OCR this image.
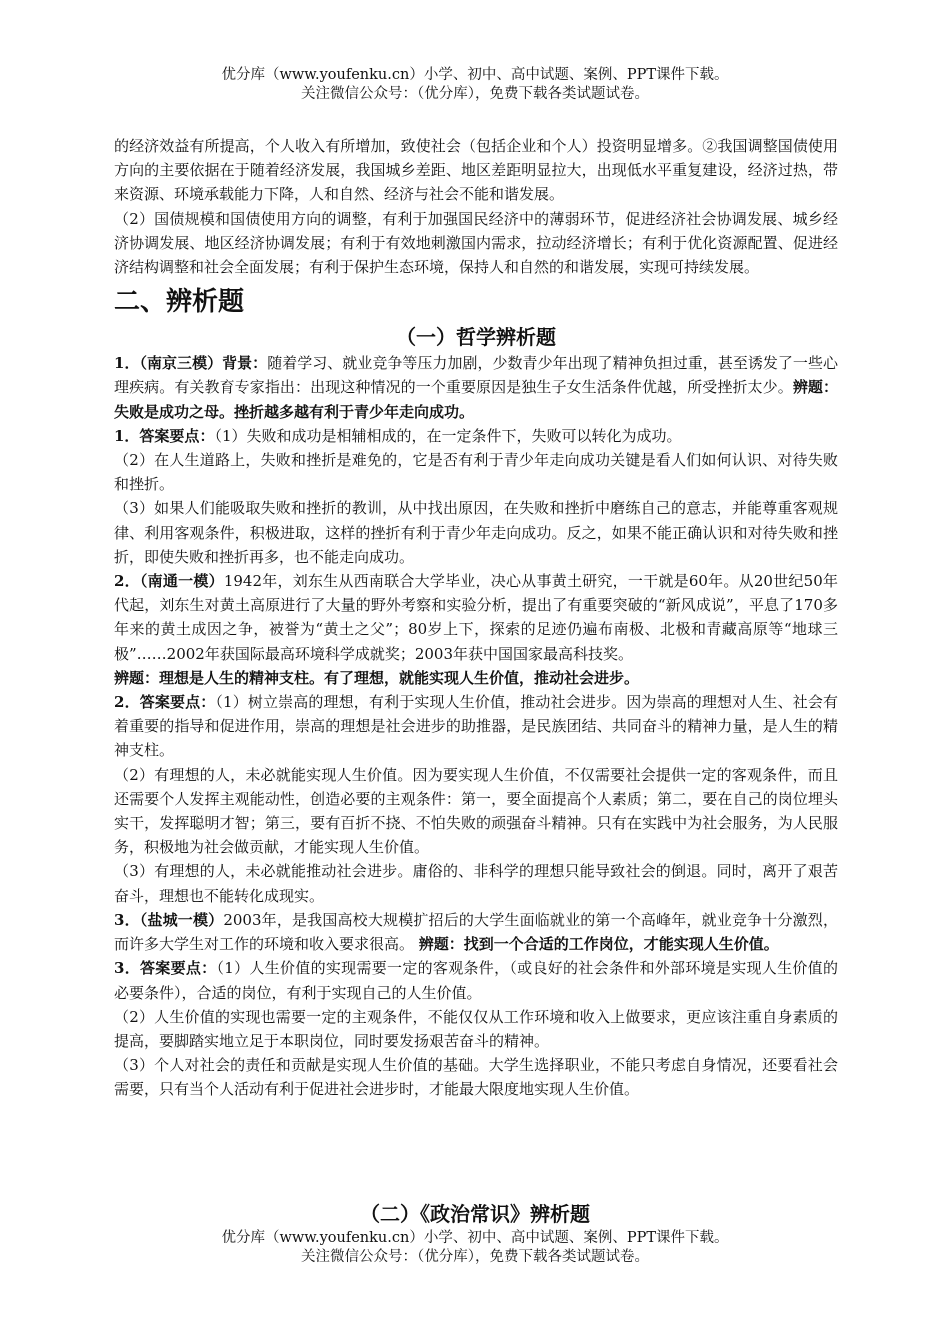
优分库（www.youfenku.cn）小学、初中、高中试题、案例、PPT课件下载。
关注微信公众号：（优分库），免费下载各类试题试卷。

的经济效益有所提高，个人收入有所增加，致使社会（包括企业和个人）投资明显增多。②我国调整国债使用方向的主要依据在于随着经济发展，我国城乡差距、地区差距明显拉大，出现低水平重复建设，经济过热，带来资源、环境承载能力下降，人和自然、经济与社会不能和谐发展。

（2）国债规模和国债使用方向的调整，有利于加强国民经济中的薄弱环节，促进经济社会协调发展、城乡经济协调发展、地区经济协调发展；有利于有效地刺激国内需求，拉动经济增长；有利于优化资源配置、促进经济结构调整和社会全面发展；有利于保护生态环境，保持人和自然的和谐发展，实现可持续发展。

二、辨析题

（一）哲学辨析题

1．（南京三模）背景：随着学习、就业竞争等压力加剧，少数青少年出现了精神负担过重，甚至诱发了一些心理疾病。有关教育专家指出：出现这种情况的一个重要原因是独生子女生活条件优越，所受挫折太少。辨题：失败是成功之母。挫折越多越有利于青少年走向成功。

1．答案要点：（1）失败和成功是相辅相成的，在一定条件下，失败可以转化为成功。

（2）在人生道路上，失败和挫折是难免的，它是否有利于青少年走向成功关键是看人们如何认识、对待失败和挫折。

（3）如果人们能吸取失败和挫折的教训，从中找出原因，在失败和挫折中磨练自己的意志，并能尊重客观规律、利用客观条件，积极进取，这样的挫折有利于青少年走向成功。反之，如果不能正确认识和对待失败和挫折，即使失败和挫折再多，也不能走向成功。

2．（南通一模）1942年，刘东生从西南联合大学毕业，决心从事黄土研究，一干就是60年。从20世纪50年代起，刘东生对黄土高原进行了大量的野外考察和实验分析，提出了有重要突破的“新风成说”，平息了170多年来的黄土成因之争，被誉为“黄土之父”；80岁上下，探索的足迹仍遍布南极、北极和青藏高原等“地球三极”……2002年获国际最高环境科学成就奖；2003年获中国国家最高科技奖。

辨题：理想是人生的精神支柱。有了理想，就能实现人生价值，推动社会进步。

2．答案要点：（1）树立崇高的理想，有利于实现人生价值，推动社会进步。因为崇高的理想对人生、社会有着重要的指导和促进作用，崇高的理想是社会进步的助推器，是民族团结、共同奋斗的精神力量，是人生的精神支柱。

（2）有理想的人，未必就能实现人生价值。因为要实现人生价值，不仅需要社会提供一定的客观条件，而且还需要个人发挥主观能动性，创造必要的主观条件：第一，要全面提高个人素质；第二，要在自己的岗位埋头实干，发挥聪明才智；第三，要有百折不挠、不怕失败的顽强奋斗精神。只有在实践中为社会服务，为人民服务，积极地为社会做贡献，才能实现人生价值。

（3）有理想的人，未必就能推动社会进步。庸俗的、非科学的理想只能导致社会的倒退。同时，离开了艰苦奋斗，理想也不能转化成现实。

3．（盐城一模）2003年，是我国高校大规模扩招后的大学生面临就业的第一个高峰年，就业竞争十分激烈，而许多大学生对工作的环境和收入要求很高。 辨题：找到一个合适的工作岗位，才能实现人生价值。

3．答案要点：（1）人生价值的实现需要一定的客观条件，（或良好的社会条件和外部环境是实现人生价值的必要条件），合适的岗位，有利于实现自己的人生价值。

（2）人生价值的实现也需要一定的主观条件，不能仅仅从工作环境和收入上做要求，更应该注重自身素质的提高，要脚踏实地立足于本职岗位，同时要发扬艰苦奋斗的精神。

（3）个人对社会的责任和贡献是实现人生价值的基础。大学生选择职业，不能只考虑自身情况，还要看社会需要，只有当个人活动有利于促进社会进步时，才能最大限度地实现人生价值。

（二）《政治常识》辨析题
优分库（www.youfenku.cn）小学、初中、高中试题、案例、PPT课件下载。
关注微信公众号：（优分库），免费下载各类试题试卷。
